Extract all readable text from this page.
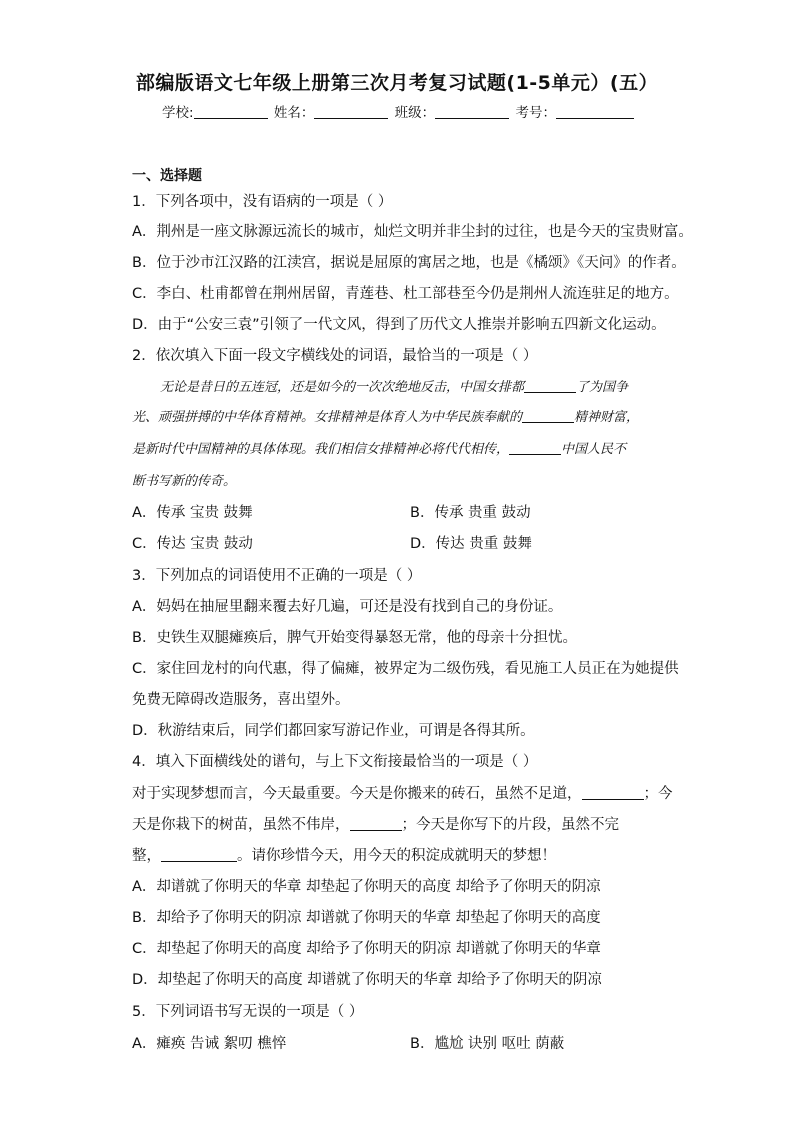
部编版语文七年级上册第三次月考复习试题(1-5单元）(五）
学校:	姓名：	班级：	考号：
一、选择题
1．下列各项中，没有语病的一项是（ ）
A．荆州是一座文脉源远流长的城市，灿烂文明并非尘封的过往，也是今天的宝贵财富。
B．位于沙市江汉路的江渎宫，据说是屈原的寓居之地，也是《橘颂》《天问》的作者。
C．李白、杜甫都曾在荆州居留，青莲巷、杜工部巷至今仍是荆州人流连驻足的地方。
D．由于“公安三袁”引领了一代文风，得到了历代文人推崇并影响五四新文化运动。
2．依次填入下面一段文字横线处的词语，最恰当的一项是（ ）
无论是昔日的五连冠，还是如今的一次次绝地反击，中国女排都	了为国争
光、顽强拼搏的中华体育精神。女排精神是体育人为中华民族奉献的	精神财富，
是新时代中国精神的具体体现。我们相信女排精神必将代代相传，	中国人民不
断书写新的传奇。
A．传承 宝贵 鼓舞	B．传承 贵重 鼓动
C．传达 宝贵 鼓动	D．传达 贵重 鼓舞
3．下列加点的词语使用不正确的一项是（ ）
A．妈妈在抽屉里翻来覆去好几遍，可还是没有找到自己的身份证。
B．史铁生双腿瘫痪后，脾气开始变得暴怒无常，他的母亲十分担忧。
C．家住回龙村的向代惠，得了偏瘫，被界定为二级伤残，看见施工人员正在为她提供
免费无障碍改造服务，喜出望外。
D．秋游结束后，同学们都回家写游记作业，可谓是各得其所。
4．填入下面横线处的谱句，与上下文衔接最恰当的一项是（ ）
对于实现梦想而言，今天最重要。今天是你搬来的砖石，虽然不足道，	；今
天是你栽下的树苗，虽然不伟岸，	；今天是你写下的片段，虽然不完
整，	。请你珍惜今天，用今天的积淀成就明天的梦想！
A．却谱就了你明天的华章 却垫起了你明天的高度 却给予了你明天的阴凉
B．却给予了你明天的阴凉 却谱就了你明天的华章 却垫起了你明天的高度
C．却垫起了你明天的高度 却给予了你明天的阴凉 却谱就了你明天的华章
D．却垫起了你明天的高度 却谱就了你明天的华章 却给予了你明天的阴凉
5．下列词语书写无误的一项是（ ）
A．瘫痪 告诫 絮叨 樵悴	B．尴尬 诀别 呕吐 荫蔽
